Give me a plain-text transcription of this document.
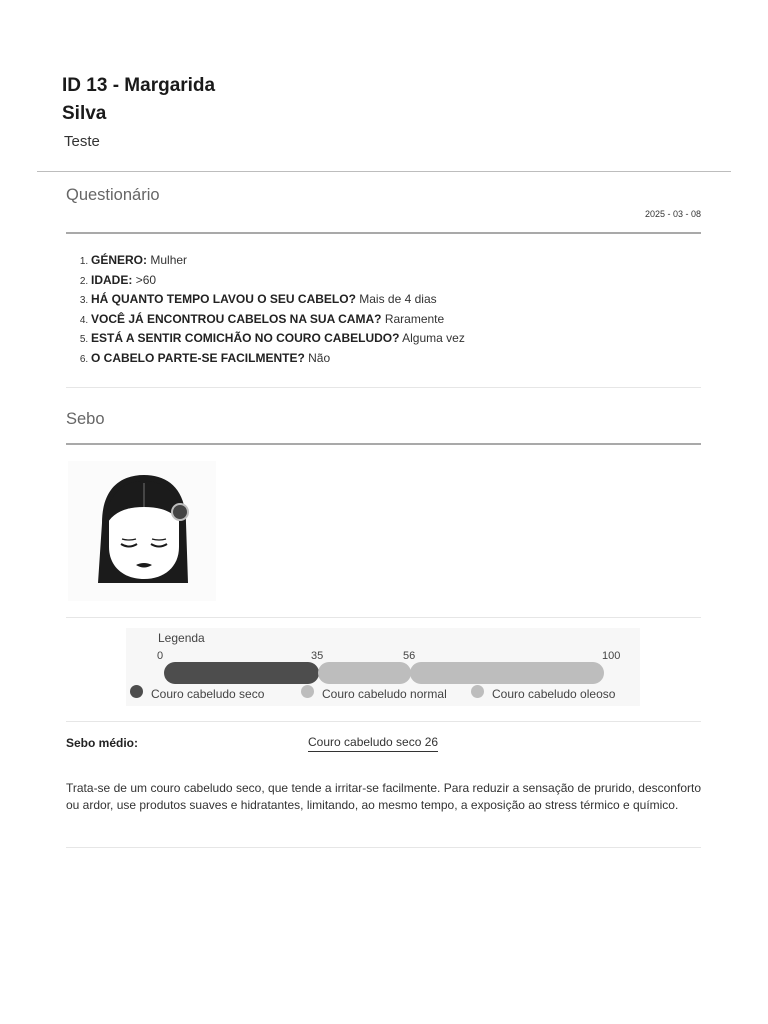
ID 13 - Margarida Silva
Teste
Questionário
2025 - 03 - 08
1. GÉNERO: Mulher
2. IDADE: >60
3. HÁ QUANTO TEMPO LAVOU O SEU CABELO? Mais de 4 dias
4. VOCÊ JÁ ENCONTROU CABELOS NA SUA CAMA? Raramente
5. ESTÁ A SENTIR COMICHÃO NO COURO CABELUDO? Alguma vez
6. O CABELO PARTE-SE FACILMENTE? Não
Sebo
Legenda
0	35	56	100
Couro cabeludo seco	Couro cabeludo normal	Couro cabeludo oleoso
Sebo médio:	Couro cabeludo seco 26
Trata-se de um couro cabeludo seco, que tende a irritar-se facilmente. Para reduzir a sensação de prurido, desconforto ou ardor, use produtos suaves e hidratantes, limitando, ao mesmo tempo, a exposição ao stress térmico e químico.
